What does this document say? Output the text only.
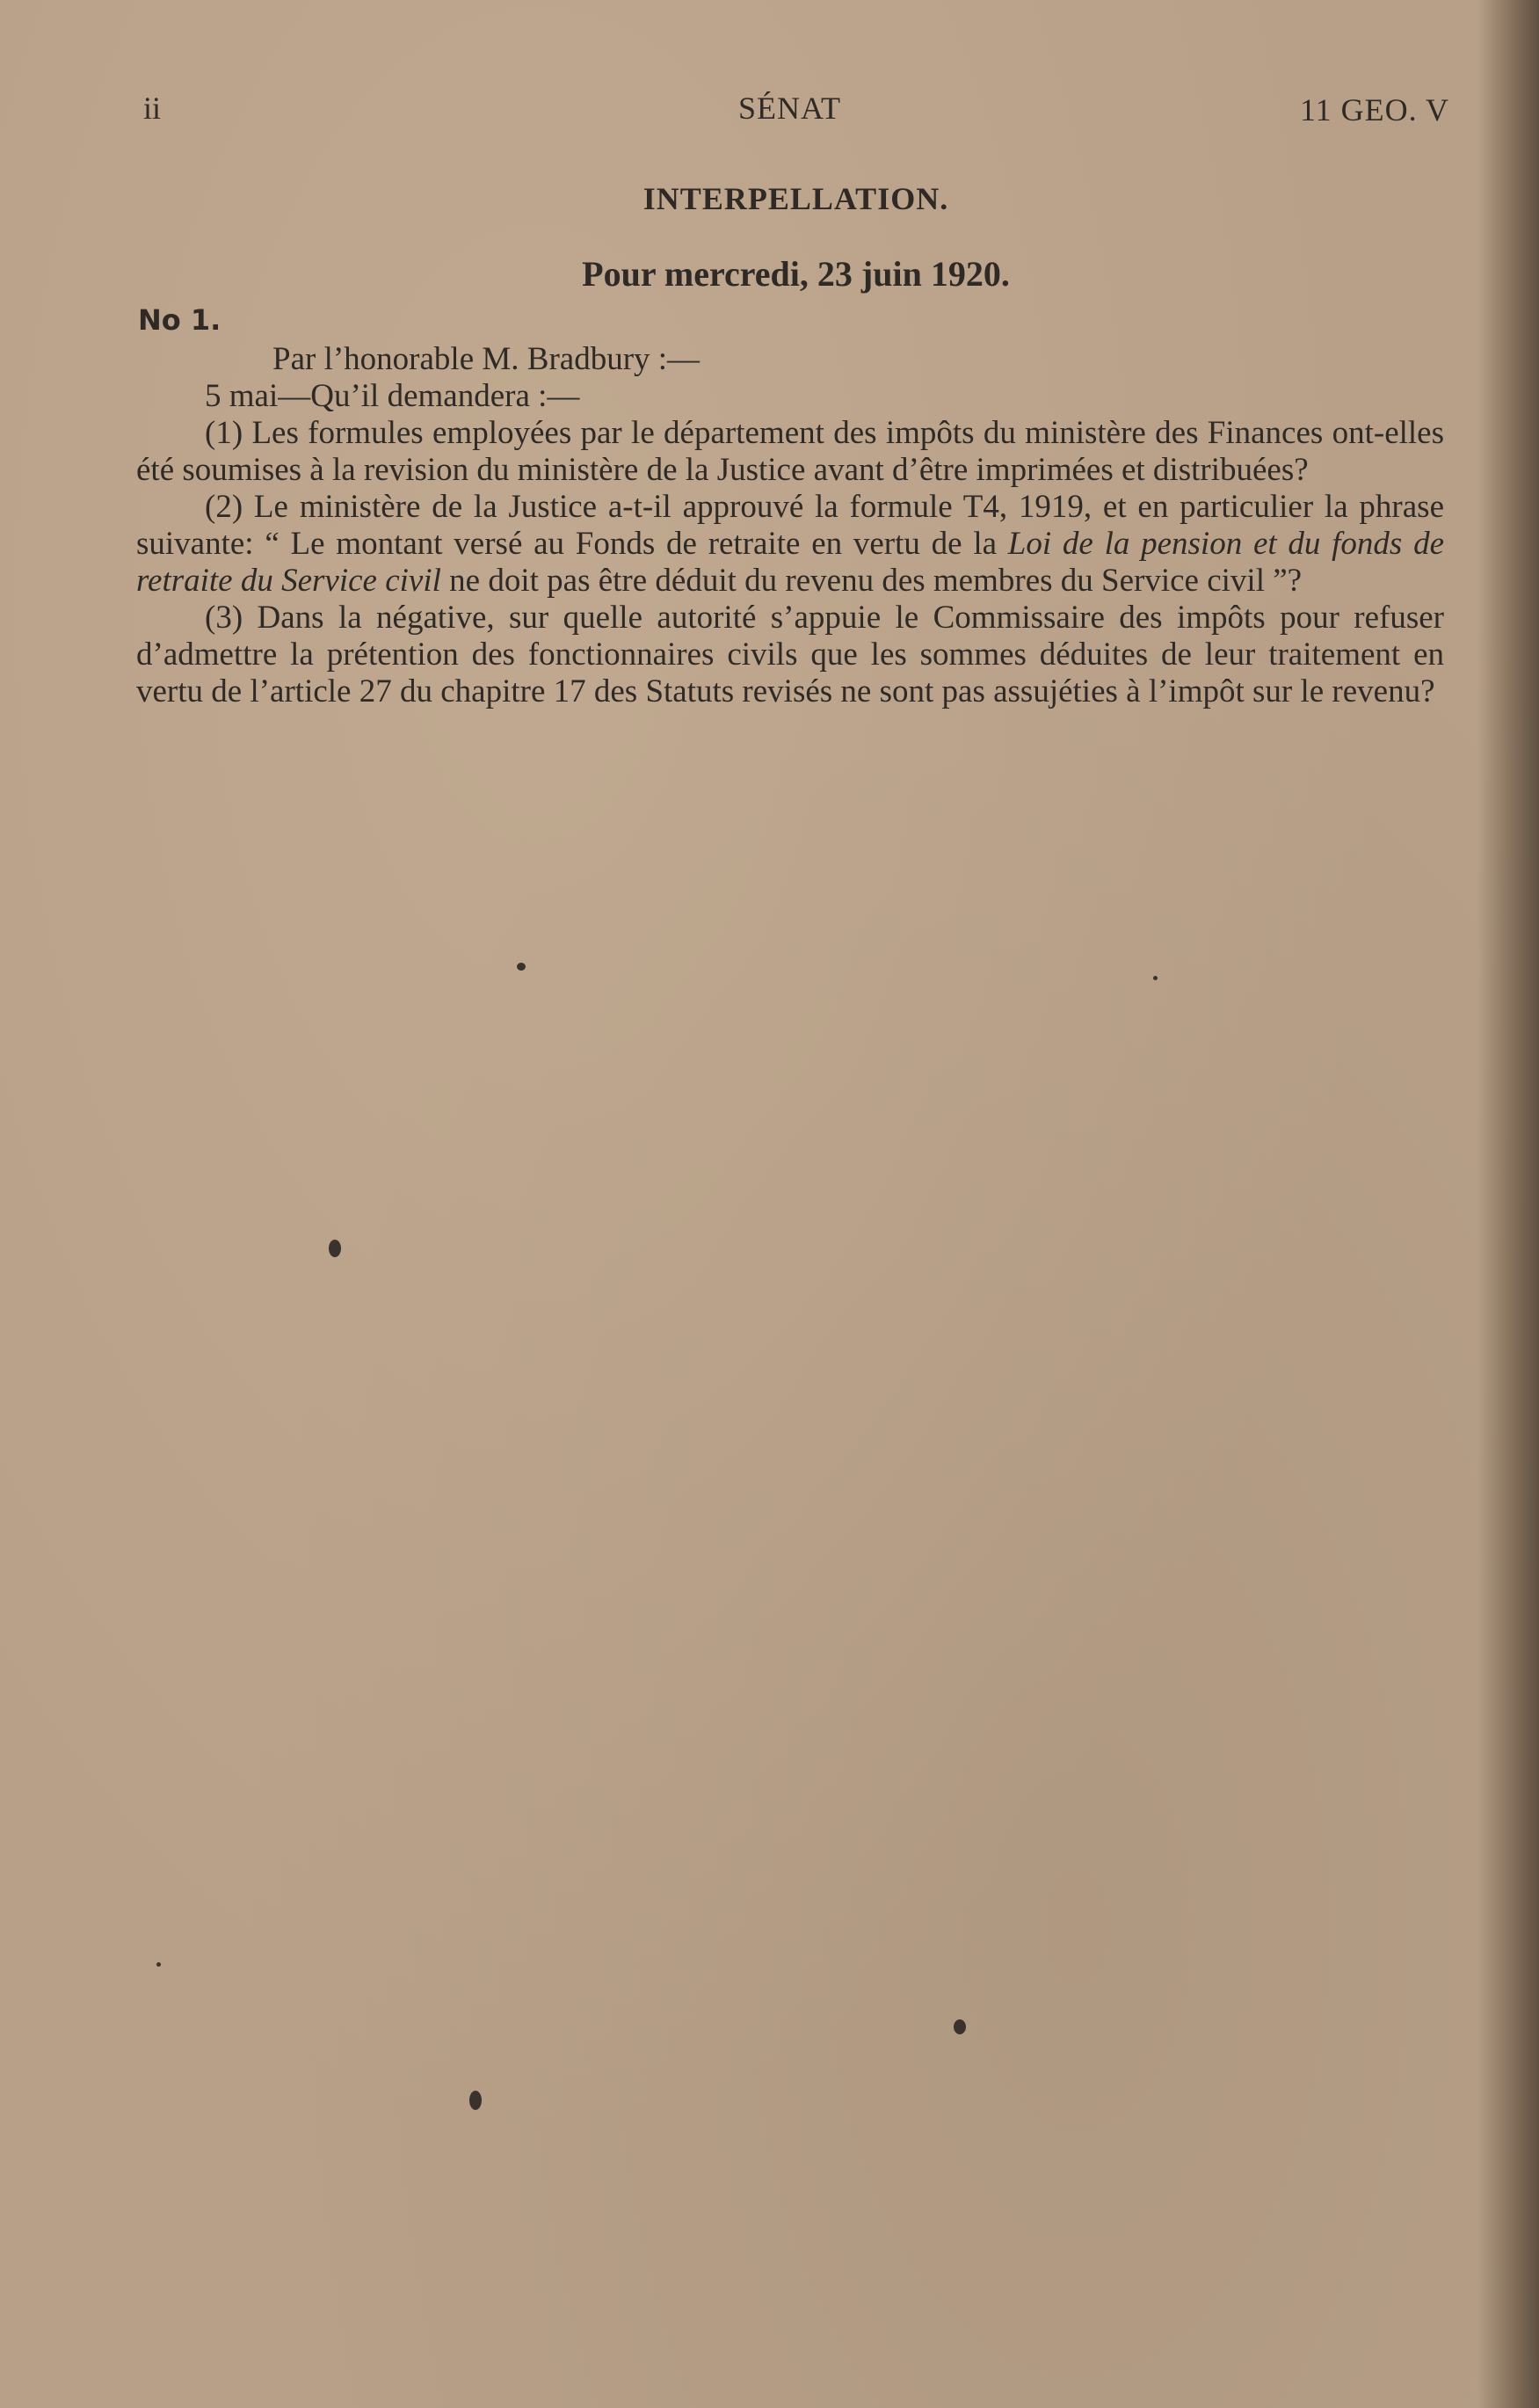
ii	SÉNAT	11 GEO. V
INTERPELLATION.
Pour mercredi, 23 juin 1920.
No 1.

Par l’honorable M. Bradbury :—

5 mai—Qu’il demandera :—

(1) Les formules employées par le département des impôts du ministère des Finances ont-elles été soumises à la revision du ministère de la Justice avant d’être imprimées et distribuées?

(2) Le ministère de la Justice a-t-il approuvé la formule T4, 1919, et en particulier la phrase suivante: “ Le montant versé au Fonds de retraite en vertu de la Loi de la pension et du fonds de retraite du Service civil ne doit pas être déduit du revenu des membres du Service civil ”?

(3) Dans la négative, sur quelle autorité s’appuie le Commissaire des impôts pour refuser d’admettre la prétention des fonctionnaires civils que les sommes déduites de leur traitement en vertu de l’article 27 du chapitre 17 des Statuts revisés ne sont pas assujéties à l’impôt sur le revenu?
